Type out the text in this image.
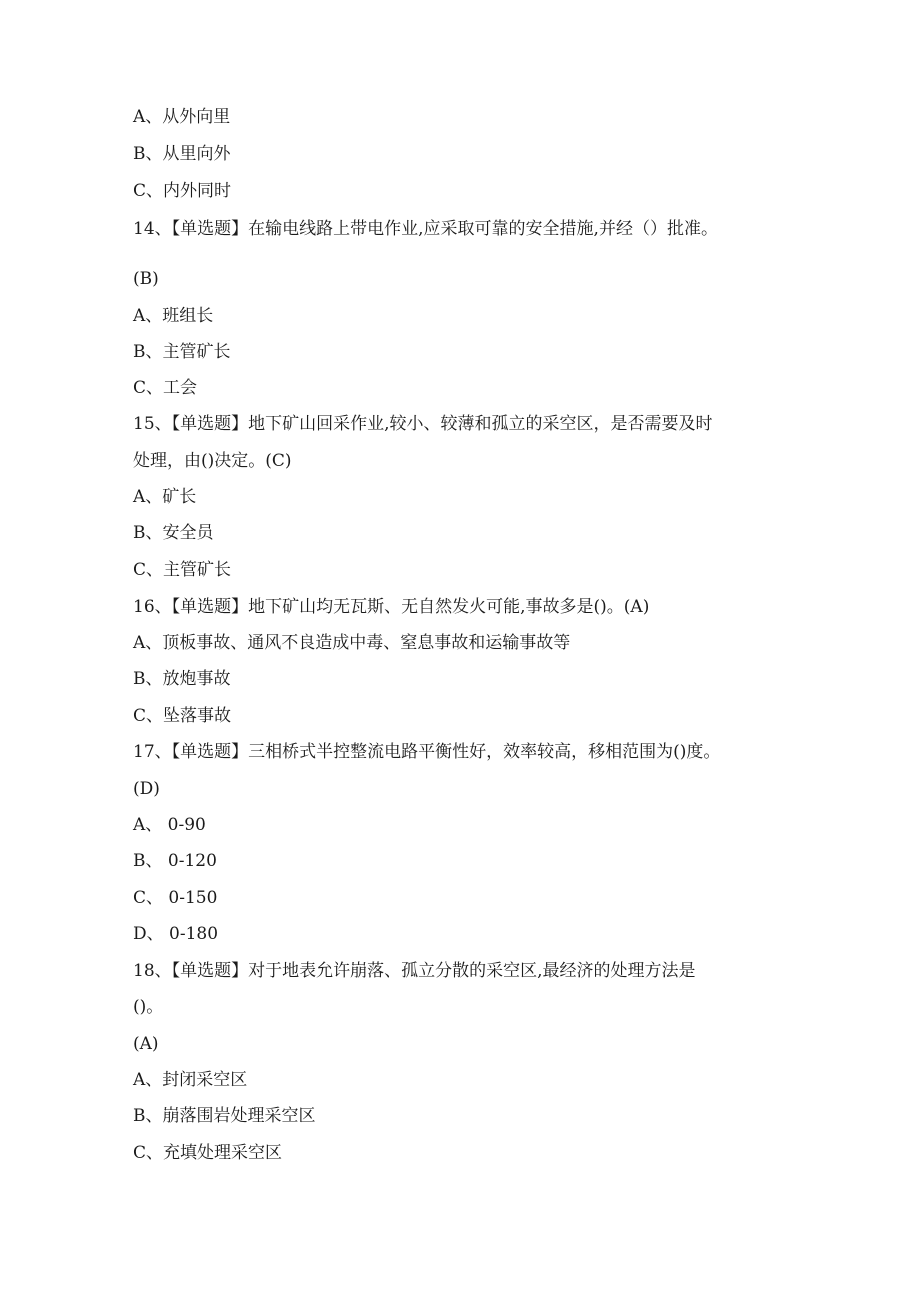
A、从外向里
B、从里向外
C、内外同时
14、【单选题】在输电线路上带电作业,应采取可靠的安全措施,并经（）批准。
(B)
A、班组长
B、主管矿长
C、工会
15、【单选题】地下矿山回采作业,较小、较薄和孤立的采空区，是否需要及时
处理，由()决定。(C)
A、矿长
B、安全员
C、主管矿长
16、【单选题】地下矿山均无瓦斯、无自然发火可能,事故多是()。(A)
A、顶板事故、通风不良造成中毒、窒息事故和运输事故等
B、放炮事故
C、坠落事故
17、【单选题】三相桥式半控整流电路平衡性好，效率较高，移相范围为()度。
(D)
A、 0-90
B、 0-120
C、 0-150
D、 0-180
18、【单选题】对于地表允许崩落、孤立分散的采空区,最经济的处理方法是
()。
(A)
A、封闭采空区
B、崩落围岩处理采空区
C、充填处理采空区
